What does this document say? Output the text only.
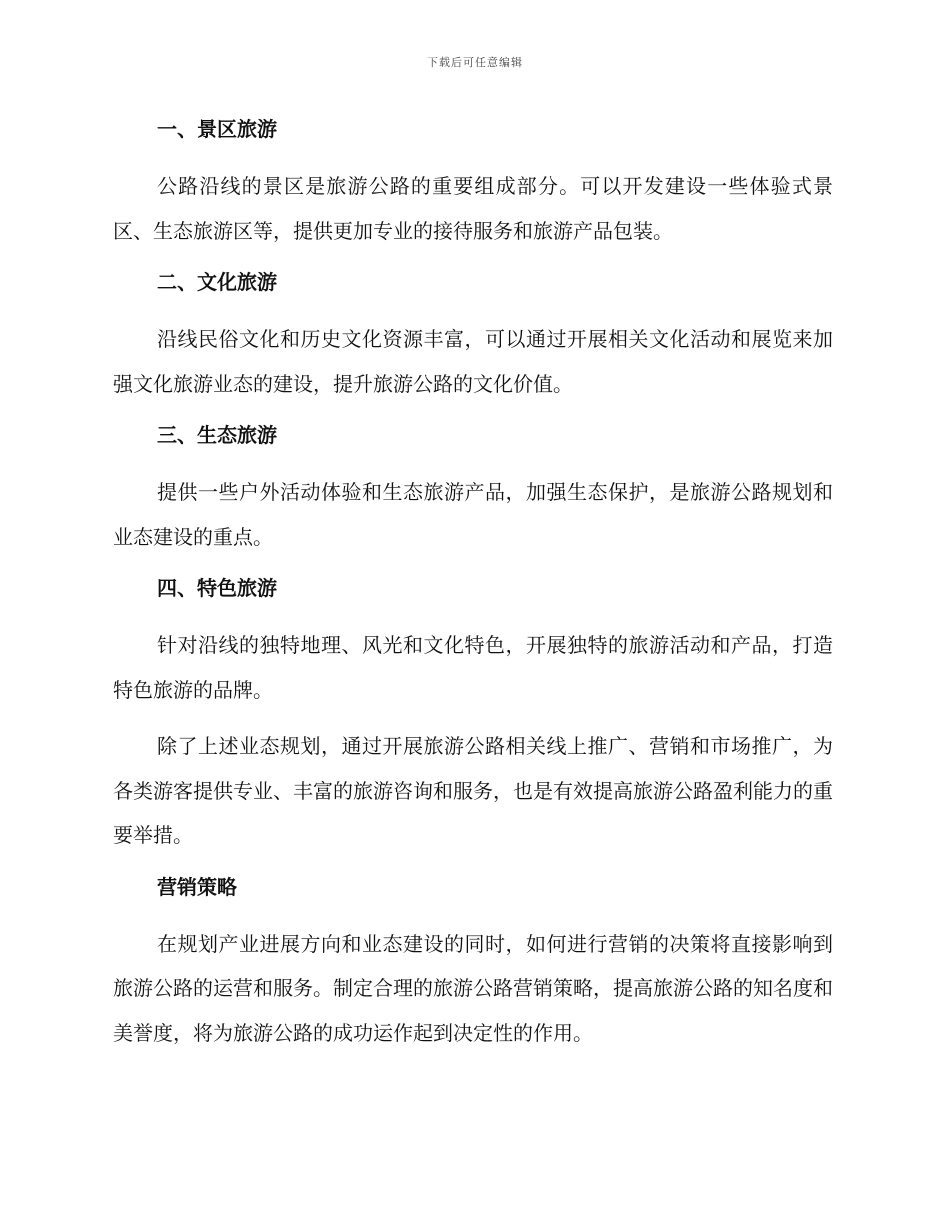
下载后可任意编辑
一、景区旅游
公路沿线的景区是旅游公路的重要组成部分。可以开发建设一些体验式景区、生态旅游区等，提供更加专业的接待服务和旅游产品包装。
二、文化旅游
沿线民俗文化和历史文化资源丰富，可以通过开展相关文化活动和展览来加强文化旅游业态的建设，提升旅游公路的文化价值。
三、生态旅游
提供一些户外活动体验和生态旅游产品，加强生态保护，是旅游公路规划和业态建设的重点。
四、特色旅游
针对沿线的独特地理、风光和文化特色，开展独特的旅游活动和产品，打造特色旅游的品牌。
除了上述业态规划，通过开展旅游公路相关线上推广、营销和市场推广，为各类游客提供专业、丰富的旅游咨询和服务，也是有效提高旅游公路盈利能力的重要举措。
营销策略
在规划产业进展方向和业态建设的同时，如何进行营销的决策将直接影响到旅游公路的运营和服务。制定合理的旅游公路营销策略，提高旅游公路的知名度和美誉度，将为旅游公路的成功运作起到决定性的作用。
